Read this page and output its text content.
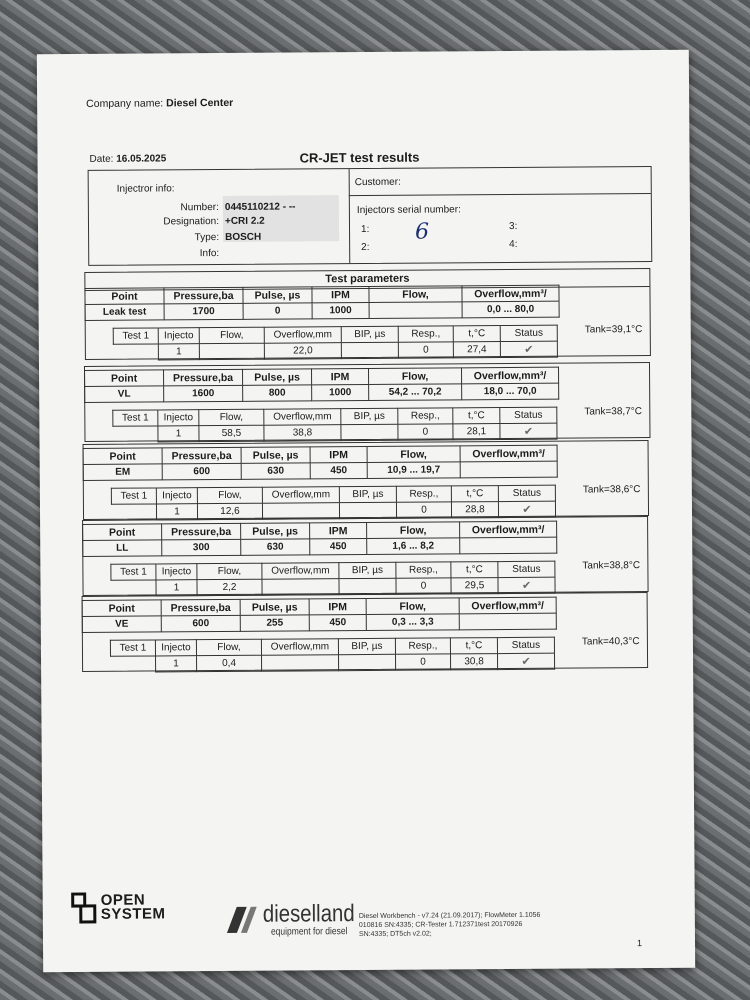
Company name: Diesel Center
Date: 16.05.2025	CR-JET test results
Injectror info:
Number: 0445110212 - --
Designation: +CRI 2.2
Type: BOSCH
Info:
Customer:
Injectors serial number:
1:
2:
3:
4:
6
Test parameters
Point	Pressure,ba	Pulse, µs	IPM	Flow,	Overflow,mm³/
Leak test	1700	0	1000		0,0 ... 80,0
Test 1	Injecto	Flow,	Overflow,mm	BIP, µs	Resp.,	t,°C	Status
	1		22,0		0	27,4	✔
Tank=39,1°C
Point	Pressure,ba	Pulse, µs	IPM	Flow,	Overflow,mm³/
VL	1600	800	1000	54,2 ... 70,2	18,0 ... 70,0
Test 1	Injecto	Flow,	Overflow,mm	BIP, µs	Resp.,	t,°C	Status
	1	58,5	38,8		0	28,1	✔
Tank=38,7°C
Point	Pressure,ba	Pulse, µs	IPM	Flow,	Overflow,mm³/
EM	600	630	450	10,9 ... 19,7	
Test 1	Injecto	Flow,	Overflow,mm	BIP, µs	Resp.,	t,°C	Status
	1	12,6			0	28,8	✔
Tank=38,6°C
Point	Pressure,ba	Pulse, µs	IPM	Flow,	Overflow,mm³/
LL	300	630	450	1,6 ... 8,2	
Test 1	Injecto	Flow,	Overflow,mm	BIP, µs	Resp.,	t,°C	Status
	1	2,2			0	29,5	✔
Tank=38,8°C
Point	Pressure,ba	Pulse, µs	IPM	Flow,	Overflow,mm³/
VE	600	255	450	0,3 ... 3,3	
Test 1	Injecto	Flow,	Overflow,mm	BIP, µs	Resp.,	t,°C	Status
	1	0,4			0	30,8	✔
Tank=40,3°C
OPEN
SYSTEM	dieselland
equipment for diesel
Diesel Workbench - v7.24 (21.09.2017); FlowMeter 1.1056
010816 SN:4335; CR-Tester 1.712371test 20170926
SN:4335; DT5ch v2.02;
1
